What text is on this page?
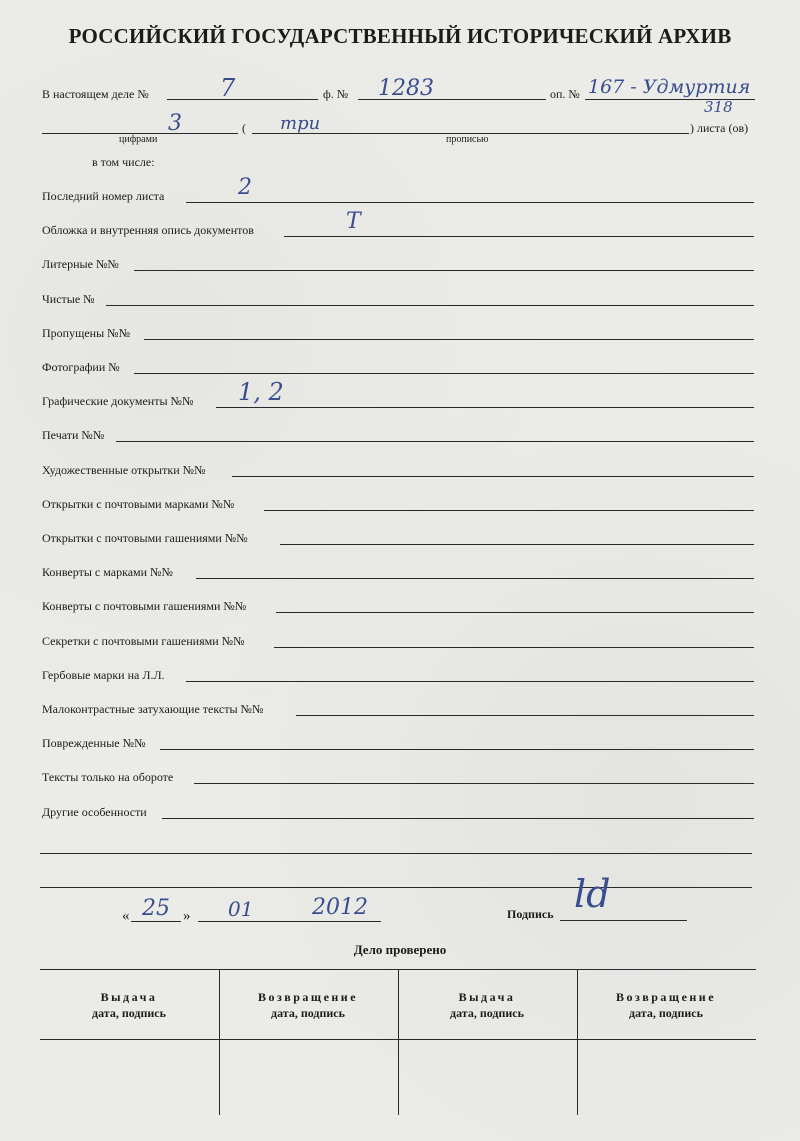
РОССИЙСКИЙ ГОСУДАРСТВЕННЫЙ ИСТОРИЧЕСКИЙ АРХИВ
В настоящем деле №	7	ф. № 1283	оп. № 167 - Удмуртия
3	( три	) листа (ов)
318
цифрами	прописью
в том числе:
Последний номер листа	2
Обложка и внутренняя опись документов	Т
Литерные №№
Чистые №
Пропущены №№
Фотографии №
Графические документы №№ 1, 2
Печати №№
Художественные открытки №№
Открытки с почтовыми марками №№
Открытки с почтовыми гашениями №№
Конверты с марками №№
Конверты с почтовыми гашениями №№
Секретки с почтовыми гашениями №№
Гербовые марки на Л.Л.
Малоконтрастные затухающие тексты №№
Поврежденные №№
Тексты только на обороте
Другие особенности
« 25 » 01	2012	Подпись ld
Дело проверено
Выдача
дата, подпись
Возвращение
дата, подпись
Выдача
дата, подпись
Возвращение
дата, подпись
